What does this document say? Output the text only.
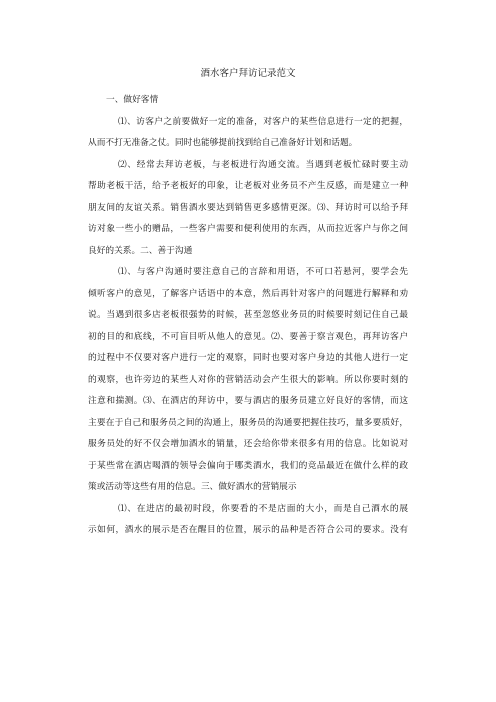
酒水客户拜访记录范文
一、做好客情
⑴、访客户之前要做好一定的准备，对客户的某些信息进行一定的把握，
从而不打无准备之仗。同时也能够提前找到给自己准备好计划和话题。
⑵、经常去拜访老板，与老板进行沟通交流。当遇到老板忙碌时要主动
帮助老板干活，给予老板好的印象，让老板对业务员不产生反感，而是建立一种
朋友间的友谊关系。销售酒水要达到销售更多感情更深。⑶、拜访时可以给予拜
访对象一些小的赠品，一些客户需要和便利使用的东西，从而拉近客户与你之间
良好的关系。二、善于沟通
⑴、与客户沟通时要注意自己的言辞和用语，不可口若悬河，要学会先
倾听客户的意见，了解客户话语中的本意，然后再针对客户的问题进行解释和劝
说。当遇到很多店老板很强势的时候，甚至忽悠业务员的时候要时刻记住自己最
初的目的和底线，不可盲目听从他人的意见。⑵、要善于察言观色，再拜访客户
的过程中不仅要对客户进行一定的观察，同时也要对客户身边的其他人进行一定
的观察，也许旁边的某些人对你的营销活动会产生很大的影响。所以你要时刻的
注意和揣测。⑶、在酒店的拜访中，要与酒店的服务员建立好良好的客情，而这
主要在于自己和服务员之间的沟通上，服务员的沟通要把握住技巧，量多要质好，
服务员处的好不仅会增加酒水的销量，还会给你带来很多有用的信息。比如说对
于某些常在酒店喝酒的领导会偏向于哪类酒水，我们的竞品最近在做什么样的政
策或活动等这些有用的信息。三、做好酒水的营销展示
⑴、在进店的最初时段，你要看的不是店面的大小，而是自己酒水的展
示如何，酒水的展示是否在醒目的位置，展示的品种是否符合公司的要求。没有
